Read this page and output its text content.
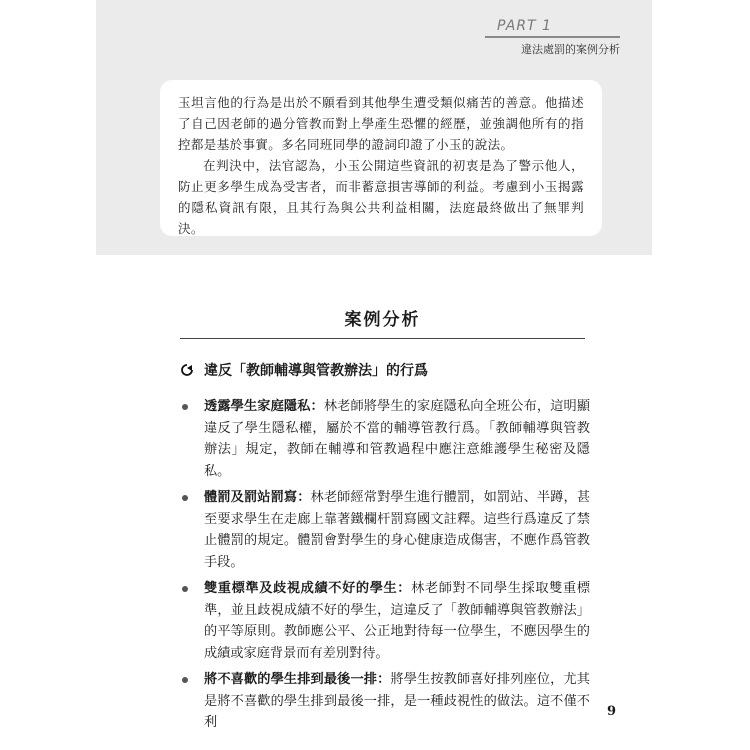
PART 1
違法處罰的案例分析

玉坦言他的行為是出於不願看到其他學生遭受類似痛苦的善意。他描述了自己因老師的過分管教而對上學產生恐懼的經歷，並強調他所有的指控都是基於事實。多名同班同學的證詞印證了小玉的說法。

在判決中，法官認為，小玉公開這些資訊的初衷是為了警示他人，防止更多學生成為受害者，而非蓄意損害導師的利益。考慮到小玉揭露的隱私資訊有限，且其行為與公共利益相關，法庭最終做出了無罪判決。

案例分析
違反「教師輔導與管教辦法」的行爲
透露學生家庭隱私：林老師將學生的家庭隱私向全班公布，這明顯違反了學生隱私權，屬於不當的輔導管教行爲。「教師輔導與管教辦法」規定，教師在輔導和管教過程中應注意維護學生秘密及隱私。
體罰及罰站罰寫：林老師經常對學生進行體罰，如罰站、半蹲，甚至要求學生在走廊上靠著鐵欄杆罰寫國文註釋。這些行爲違反了禁止體罰的規定。體罰會對學生的身心健康造成傷害，不應作爲管教手段。
雙重標準及歧視成績不好的學生：林老師對不同學生採取雙重標準，並且歧視成績不好的學生，這違反了「教師輔導與管教辦法」的平等原則。教師應公平、公正地對待每一位學生，不應因學生的成績或家庭背景而有差別對待。
將不喜歡的學生排到最後一排：將學生按教師喜好排列座位，尤其是將不喜歡的學生排到最後一排，是一種歧視性的做法。這不僅不利
9
